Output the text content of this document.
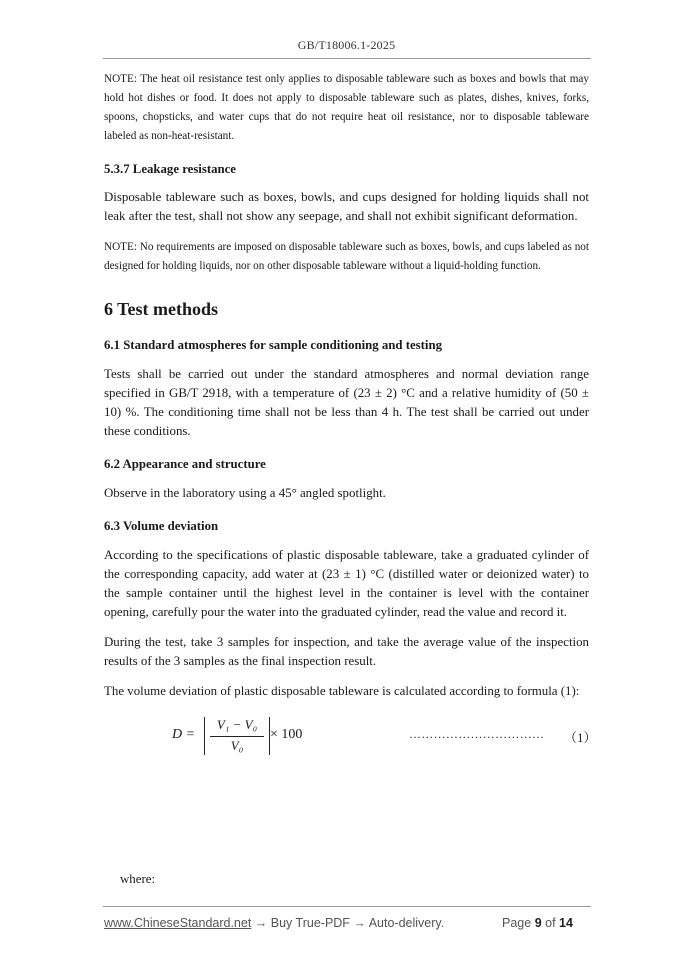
GB/T18006.1-2025

NOTE: The heat oil resistance test only applies to disposable tableware such as boxes and bowls that may hold hot dishes or food. It does not apply to disposable tableware such as plates, dishes, knives, forks, spoons, chopsticks, and water cups that do not require heat oil resistance, nor to disposable tableware labeled as non-heat-resistant.

5.3.7 Leakage resistance

Disposable tableware such as boxes, bowls, and cups designed for holding liquids shall not leak after the test, shall not show any seepage, and shall not exhibit significant deformation.

NOTE: No requirements are imposed on disposable tableware such as boxes, bowls, and cups labeled as not designed for holding liquids, nor on other disposable tableware without a liquid-holding function.

6 Test methods

6.1 Standard atmospheres for sample conditioning and testing

Tests shall be carried out under the standard atmospheres and normal deviation range specified in GB/T 2918, with a temperature of (23 ± 2) °C and a relative humidity of (50 ± 10) %. The conditioning time shall not be less than 4 h. The test shall be carried out under these conditions.

6.2 Appearance and structure

Observe in the laboratory using a 45° angled spotlight.

6.3 Volume deviation

According to the specifications of plastic disposable tableware, take a graduated cylinder of the corresponding capacity, add water at (23 ± 1) °C (distilled water or deionized water) to the sample container until the highest level in the container is level with the container opening, carefully pour the water into the graduated cylinder, read the value and record it.

During the test, take 3 samples for inspection, and take the average value of the inspection results of the 3 samples as the final inspection result.

The volume deviation of plastic disposable tableware is calculated according to formula (1):

D =
V₁ − V₀
V₀
× 100	…………………………… （1）
where:
www.ChineseStandard.net → Buy True-PDF → Auto-delivery.	Page 9 of 14
